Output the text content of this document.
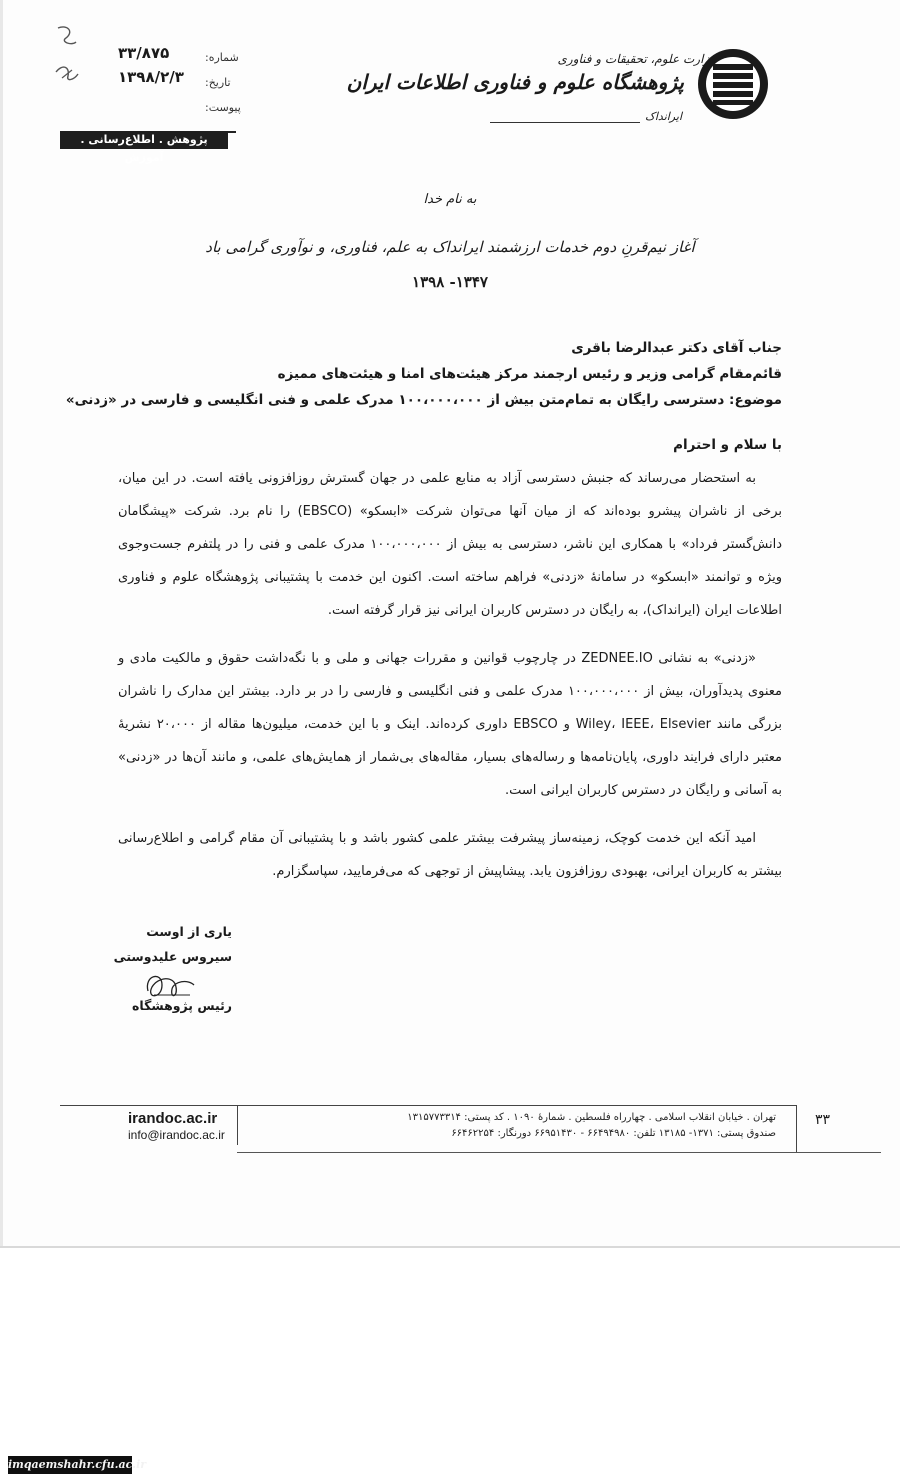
وزارت علوم، تحقیقات و فناوری
پژوهشگاه علوم و فناوری اطلاعات ایران
ایرانداک
شماره:
۳۳/۸۷۵
تاریخ:
۱۳۹۸/۲/۳
پیوست:
پژوهش . اطلاع‌رسانی . آموزش
به نام خدا
آغاز نیم‌قرنِ دوم خدمات ارزشمند ایرانداک به علم، فناوری، و نوآوری گرامی باد
۱۳۴۷- ۱۳۹۸
جناب آقای دکتر عبدالرضا باقری
قائم‌مقام گرامی وزیر و رئیس ارجمند مرکز هیئت‌های امنا و هیئت‌های ممیزه
موضوع: دسترسی رایگان به تمام‌متن بیش از ۱۰۰،۰۰۰،۰۰۰ مدرک علمی و فنی انگلیسی و فارسی در «زدنی»
با سلام و احترام
به استحضار می‌رساند که جنبش دسترسی آزاد به منابع علمی در جهان گسترش روزافزونی یافته است. در این میان، برخی از ناشران پیشرو بوده‌اند که از میان آنها می‌توان شرکت «ابسکو» (EBSCO) را نام برد. شرکت «پیشگامان دانش‌گستر فرداد» با همکاری این ناشر، دسترسی به بیش از ۱۰۰،۰۰۰،۰۰۰ مدرک علمی و فنی را در پلتفرم جست‌وجوی ویژه و توانمند «ابسکو» در سامانهٔ «زدنی» فراهم ساخته است. اکنون این خدمت با پشتیبانی پژوهشگاه علوم و فناوری اطلاعات ایران (ایرانداک)، به رایگان در دسترس کاربران ایرانی نیز قرار گرفته است.
«زدنی» به نشانی ZEDNEE.IO در چارچوب قوانین و مقررات جهانی و ملی و با نگه‌داشت حقوق و مالکیت مادی و معنوی پدیدآوران، بیش از ۱۰۰،۰۰۰،۰۰۰ مدرک علمی و فنی انگلیسی و فارسی را در بر دارد. بیشتر این مدارک را ناشران بزرگی مانند Wiley، IEEE، Elsevier و EBSCO داوری کرده‌اند. اینک و با این خدمت، میلیون‌ها مقاله از ۲۰،۰۰۰ نشریهٔ معتبر دارای فرایند داوری، پایان‌نامه‌ها و رساله‌های بسیار، مقاله‌های بی‌شمار از همایش‌های علمی، و مانند آن‌ها در «زدنی» به آسانی و رایگان در دسترس کاربران ایرانی است.
امید آنکه این خدمت کوچک، زمینه‌ساز پیشرفت بیشتر علمی کشور باشد و با پشتیبانی آن مقام گرامی و اطلاع‌رسانی بیشتر به کاربران ایرانی، بهبودی روزافزون یابد. پیشاپیش از توجهی که می‌فرمایید، سپاسگزارم.
یاری از اوست
سیروس علیدوستی
رئیس پژوهشگاه
irandoc.ac.ir
info@irandoc.ac.ir
تهران . خیابان انقلاب اسلامی . چهارراه فلسطین . شمارهٔ ۱۰۹۰ . کد پستی: ۱۳۱۵۷۷۳۳۱۴
صندوق پستی: ۱۳۷۱- ۱۳۱۸۵ تلفن: ۶۶۴۹۴۹۸۰ - ۶۶۹۵۱۴۳۰ دورنگار: ۶۶۴۶۲۲۵۴
۳۳
imqaemshahr.cfu.ac.ir
